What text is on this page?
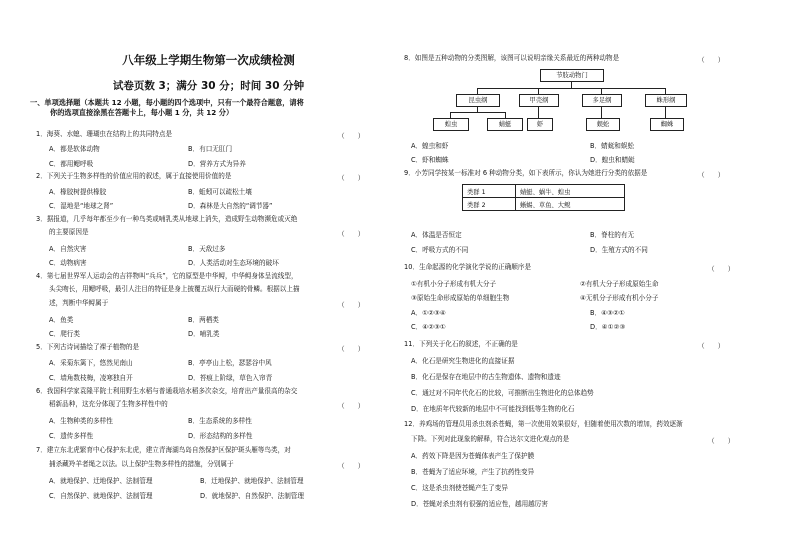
八年级上学期生物第一次成绩检测
试卷页数 3；满分 30 分；时间 30 分钟
一、单项选择题（本题共 12 小题，每小题的四个选项中，只有一个最符合题意，请将
你的选项直接涂黑在答题卡上，每小题 1 分，共 12 分）
1．海葵、水螅、珊瑚虫在结构上的共同特点是	（　　）
A．都是软体动物	B．有口无肛门
C．都用鳃呼吸	D．营养方式为异养
2．下列关于生物多样性的价值应用的叙述，属于直接使用价值的是	（　　）
A．橡胶树提供橡胶	B．蚯蚓可以疏松土壤
C．湿地是“地球之肾”	D．森林是大自然的“调节器”
3．据报道，几乎每年都至少有一种鸟类或哺乳类从地球上消失，造成野生动物濒危或灭绝
的主要原因是	（　　）
A．自然灾害	B．天敌过多
C．动物病害	D．人类活动对生态环境的破坏
4．第七届世界军人运动会的吉祥物叫“兵兵”，它的原型是中华鲟，中华鲟身体呈流线型，
头尖吻长，用鳃呼吸，最引人注目的特征是身上披覆五纵行大而硬的骨鳞。根据以上描
述，判断中华鲟属于	（　　）
A．鱼类	B．两栖类
C．爬行类	D．哺乳类
5．下列古诗词描绘了裸子植物的是	（　　）
A．采菊东篱下，悠然见南山	B．亭亭山上松，瑟瑟谷中风
C．墙角数枝梅，凌寒独自开	D．苔痕上阶绿，草色入帘青
6．我国科学家袁隆平院士利用野生水稻与普通栽培水稻多次杂交，培育出产量很高的杂交
稻新品种，这充分体现了生物多样性中的	（　　）
A．生物种类的多样性	B．生态系统的多样性
C．遗传多样性	D．形态结构的多样性
7．建立东北虎繁育中心保护东北虎，建立青海湖鸟岛自然保护区保护斑头雁等鸟类，对
捕杀藏羚羊者绳之以法。以上保护生物多样性的措施，分别属于	（　　）
A．就地保护、迁地保护、法制管理	B．迁地保护、就地保护、法制管理
C．自然保护、就地保护、法制管理	D．就地保护、自然保护、法制管理
8．如图是五种动物的分类图解，该图可以说明亲缘关系最近的两种动物是	（　　）
节肢动物门
昆虫纲	甲壳纲	多足纲	蛛形纲
蝗虫	蜻蜓	虾	蜈蚣	蜘蛛
A．蝗虫和虾	B．蜻蜓和蜈蚣
C．虾和蜘蛛	D．蝗虫和蜻蜓
9．小芳同学按某一标准对 6 种动物分类，如下表所示，你认为她进行分类的依据是	（　　）
类群 1	蜻蜓、蜗牛、蝗虫
类群 2	蜥蜴、草鱼、大鲵
A．体温是否恒定	B．脊柱的有无
C．呼吸方式的不同	D．生殖方式的不同
10．生命起源的化学演化学说的正确顺序是	（　　）
①有机小分子形成有机大分子	②有机大分子形成原始生命
③原始生命形成原始的单细胞生物	④无机分子形成有机小分子
A．①②③④	B．④③②①
C．④②③①	D．④①②③
11．下列关于化石的叙述，不正确的是	（　　）
A．化石是研究生物进化的直接证据
B．化石是保存在地层中的古生物遗体、遗物和遗迹
C．通过对不同年代化石的比较，可推断出生物进化的总体趋势
D．在地质年代较新的地层中不可能找到低等生物的化石
12．养鸡场的管理员用杀虫剂杀苍蝇，第一次使用效果很好，但随着使用次数的增加，药效逐渐
下降。下列对此现象的解释，符合达尔文进化观点的是	（　　）
A．药效下降是因为苍蝇体表产生了保护膜
B．苍蝇为了适应环境，产生了抗药性变异
C．这是杀虫剂使苍蝇产生了变异
D．苍蝇对杀虫剂有很强的适应性，越用越厉害
